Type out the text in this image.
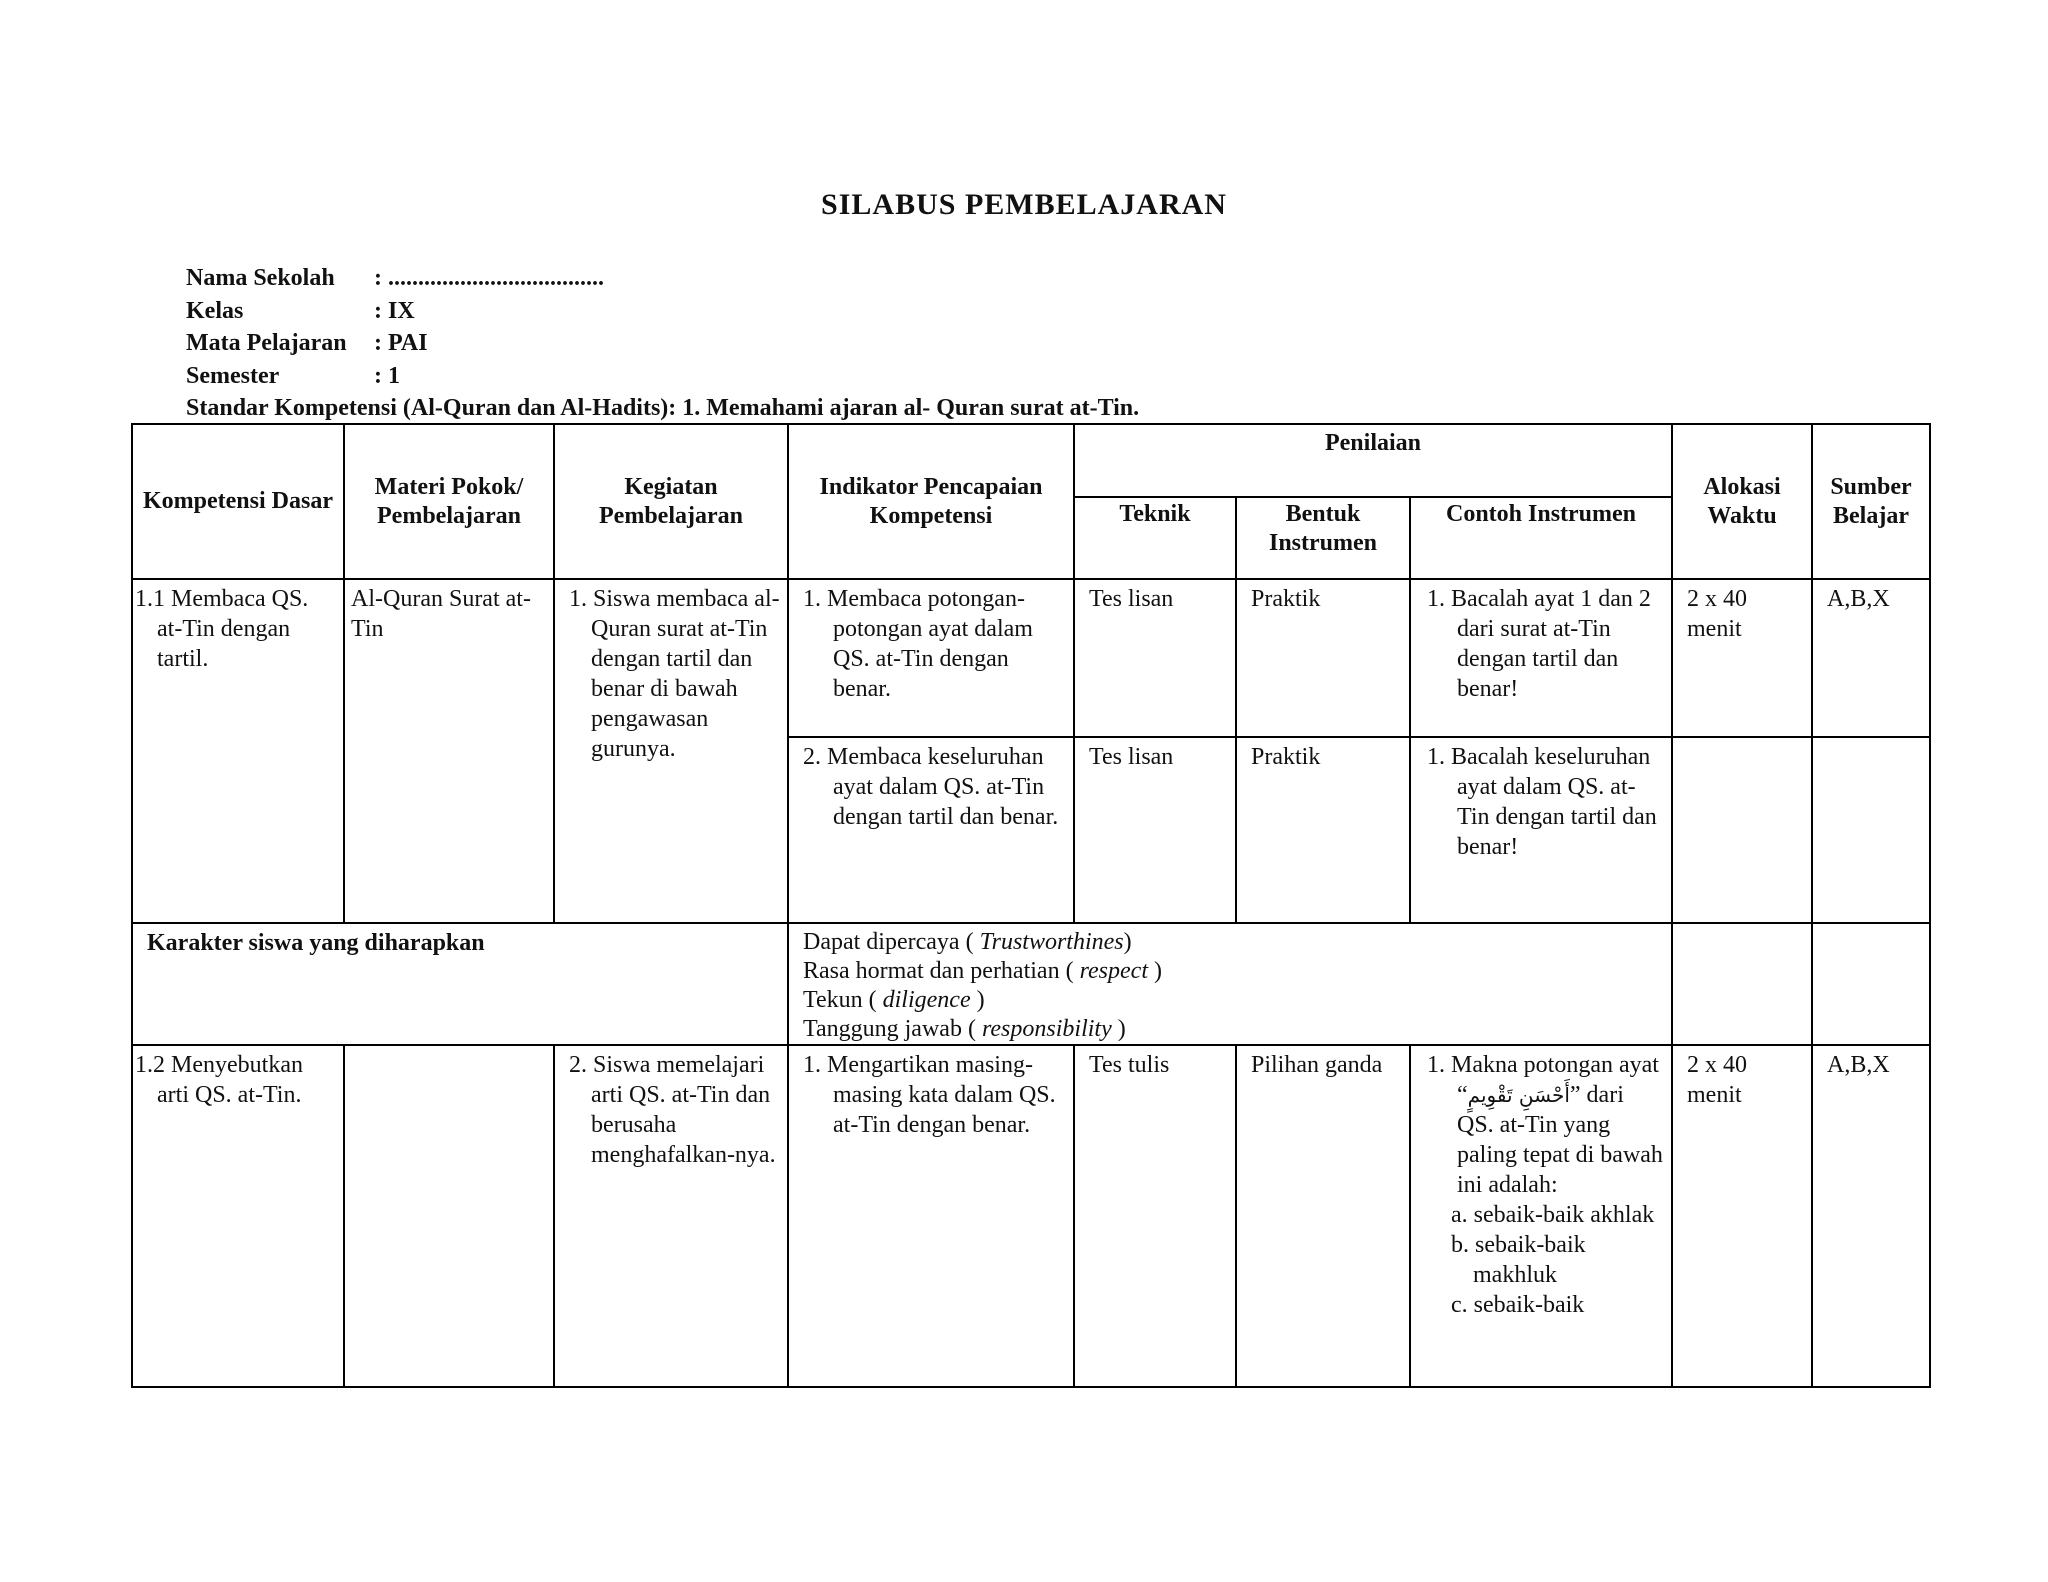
SILABUS PEMBELAJARAN
Nama Sekolah	: ....................................
Kelas	: IX
Mata Pelajaran	: PAI
Semester	: 1
Standar Kompetensi (Al-Quran dan Al-Hadits): 1. Memahami ajaran al- Quran surat at-Tin.
Kompetensi Dasar	Materi Pokok/ Pembelajaran	Kegiatan Pembelajaran	Indikator Pencapaian Kompetensi	Penilaian			Alokasi Waktu	Sumber Belajar
				Teknik	Bentuk Instrumen	Contoh Instrumen		

1.1 Membaca QS. at-Tin dengan tartil.	Al-Quran Surat at-Tin	1. Siswa membaca al-Quran surat at-Tin dengan tartil dan benar di bawah pengawasan gurunya.	1. Membaca potongan-potongan ayat dalam QS. at-Tin dengan benar.	Tes lisan	Praktik	1. Bacalah ayat 1 dan 2 dari surat at-Tin dengan tartil dan benar!	2 x 40 menit	A,B,X

			2. Membaca keseluruhan ayat dalam QS. at-Tin dengan tartil dan benar.	Tes lisan	Praktik	1. Bacalah keseluruhan ayat dalam QS. at-Tin dengan tartil dan benar!		

Karakter siswa yang diharapkan			Dapat dipercaya ( Trustworthines)
Rasa hormat dan perhatian ( respect )
Tekun ( diligence )
Tanggung jawab ( responsibility )					

1.2 Menyebutkan arti QS. at-Tin.		2. Siswa memelajari arti QS. at-Tin dan berusaha menghafalkan-nya.	1. Mengartikan masing-masing kata dalam QS. at-Tin dengan benar.	Tes tulis	Pilihan ganda	1. Makna potongan ayat “أَحْسَنِ تَقْوِيمٍ” dari QS. at-Tin yang paling tepat di bawah ini adalah:
a. sebaik-baik akhlak
b. sebaik-baik makhluk
c. sebaik-baik	2 x 40 menit	A,B,X
